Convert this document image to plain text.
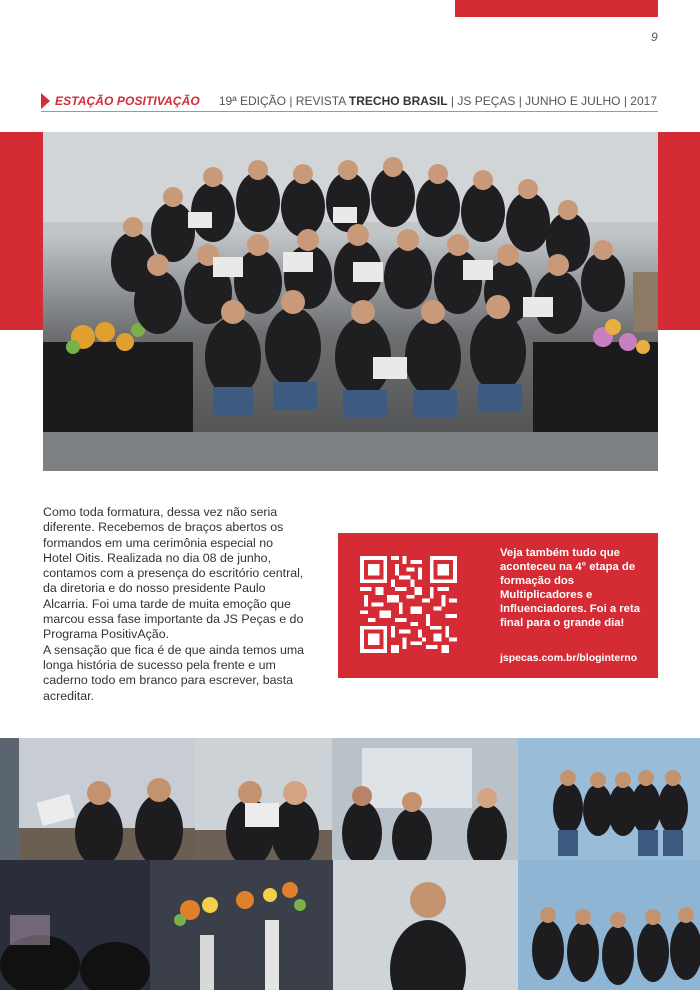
9
ESTAÇÃO POSITIVAÇÃO 19ª EDIÇÃO | REVISTA TRECHO BRASIL | JS PEÇAS | JUNHO E JULHO | 2017

Como toda formatura, dessa vez não seria diferente. Recebemos de braços abertos os formandos em uma cerimônia especial no Hotel Oitis. Realizada no dia 08 de junho, contamos com a presença do escritório central, da diretoria e do nosso presidente Paulo Alcarria. Foi uma tarde de muita emoção que marcou essa fase importante da JS Peças e do Programa PositivAção.

A sensação que fica é de que ainda temos uma longa história de sucesso pela frente e um caderno todo em branco para escrever, basta acreditar.

Veja também tudo que aconteceu na 4° etapa de formação dos Multiplicadores e Influenciadores. Foi a reta final para o grande dia!

jspecas.com.br/bloginterno
